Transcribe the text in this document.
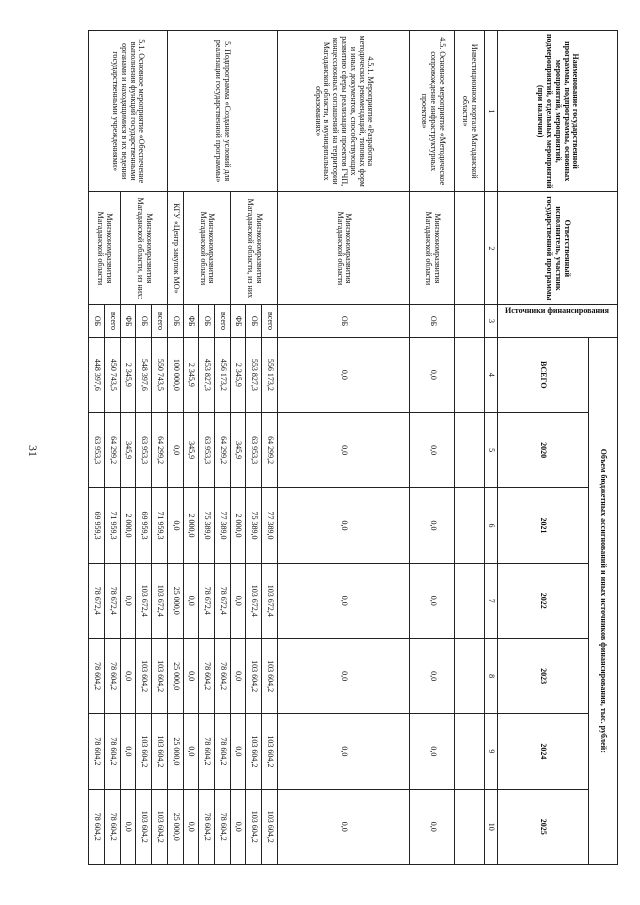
31
Наименование государственной программы, подпрограммы, основных мероприятий, мероприятий, подмероприятий, отдельных мероприятий (при наличии)	Ответственный исполнитель, участник государственной программы	Источники финансирования	Объем бюджетных ассигнований и иных источников финансирования, тыс. рублей:						
			ВСЕГО	2020	2021	2022	2023	2024	2025
1	2	3	4	5	6	7	8	9	10
Инвестиционном портале Магаданской области»									
4.5. Основное мероприятие «Методическое сопровождение инфраструктурных проектов»	Минэкономразвития Магаданской области	ОБ	0,0	0,0	0,0	0,0	0,0	0,0	0,0
4.5.1. Мероприятие «Разработка методических рекомендаций, типовых форм и иных документов, способствующих развитию сферы реализации проектов ГЧП, концессионных соглашений на территории Магаданской области, в муниципальных образованиях»	Минэкономразвития Магаданской области	ОБ	0,0	0,0	0,0	0,0	0,0	0,0	0,0
5. Подпрограмма «Создание условий для реализации государственной программы»	Минэкономразвития Магаданской области, из них	всего	556 173,2	64 299,2	77 389,0	103 672,4	103 604,2	103 604,2	103 604,2
		ОБ	553 827,3	63 953,3	75 389,0	103 672,4	103 604,2	103 604,2	103 604,2
		ФБ	2 345,9	345,9	2 000,0	0,0	0,0	0,0	0,0
	Минэкономразвития Магаданской области	всего	456 173,2	64 299,2	77 389,0	78 672,4	78 604,2	78 604,2	78 604,2
		ОБ	453 827,3	63 953,3	75 389,0	78 672,4	78 604,2	78 604,2	78 604,2
		ФБ	2 345,9	345,9	2 000,0	0,0	0,0	0,0	0,0
	КГУ «Центр закупок МО»	ОБ	100 000,0	0,0	0,0	25 000,0	25 000,0	25 000,0	25 000,0
5.1. Основное мероприятие «Обеспечение выполнения функций государственными органами и находящимися в их ведении государственными учреждениями»	Минэкономразвития Магаданской области, из них:	всего	550 743,5	64 299,2	71 959,3	103 672,4	103 604,2	103 604,2	103 604,2
		ОБ	548 397,6	63 953,3	69 959,3	103 672,4	103 604,2	103 604,2	103 604,2
		ФБ	2 345,9	345,9	2 000,0	0,0	0,0	0,0	0,0
	Минэкономразвития Магаданской области	всего	450 743,5	64 299,2	71 959,3	78 672,4	78 604,2	78 604,2	78 604,2
		ОБ	448 397,6	63 953,3	69 959,3	78 672,4	78 604,2	78 604,2	78 604,2
